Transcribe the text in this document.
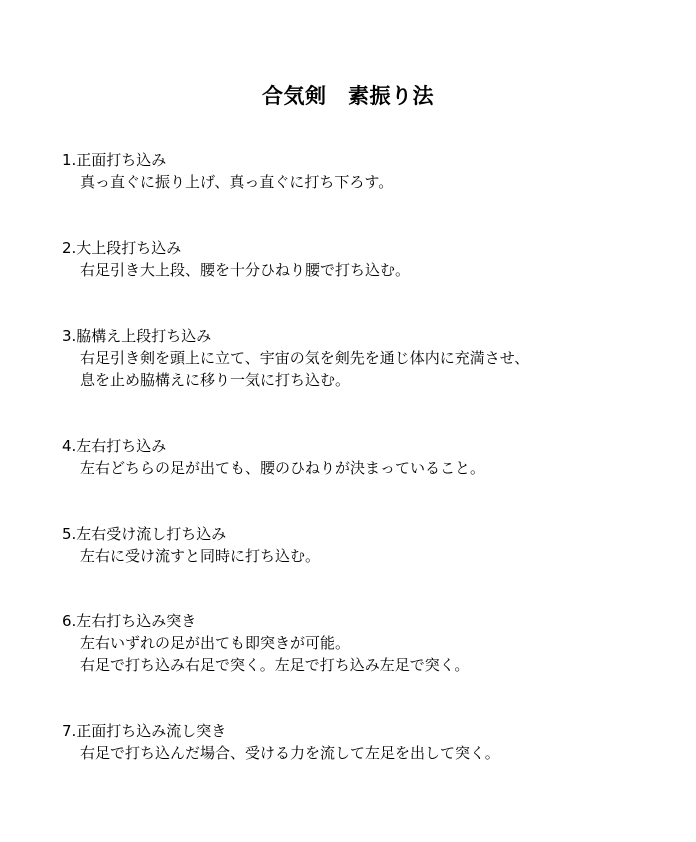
合気剣　素振り法
1.正面打ち込み
真っ直ぐに振り上げ、真っ直ぐに打ち下ろす。
2.大上段打ち込み
右足引き大上段、腰を十分ひねり腰で打ち込む。
3.脇構え上段打ち込み
右足引き剣を頭上に立て、宇宙の気を剣先を通じ体内に充満させ、
息を止め脇構えに移り一気に打ち込む。
4.左右打ち込み
左右どちらの足が出ても、腰のひねりが決まっていること。
5.左右受け流し打ち込み
左右に受け流すと同時に打ち込む。
6.左右打ち込み突き
左右いずれの足が出ても即突きが可能。
右足で打ち込み右足で突く。左足で打ち込み左足で突く。
7.正面打ち込み流し突き
右足で打ち込んだ場合、受ける力を流して左足を出して突く。
